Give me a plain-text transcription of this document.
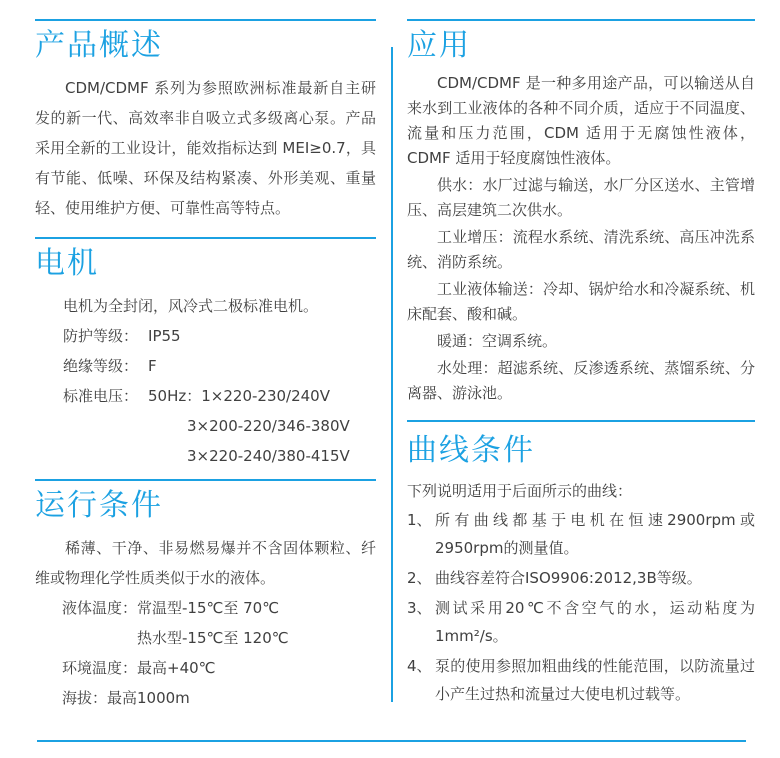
产品概述

CDM/CDMF 系列为参照欧洲标准最新自主研发的新一代、高效率非自吸立式多级离心泵。产品采用全新的工业设计，能效指标达到 MEI≥0.7，具有节能、低噪、环保及结构紧凑、外形美观、重量轻、使用维护方便、可靠性高等特点。

电机
电机为全封闭，风冷式二极标准电机。
防护等级： IP55
绝缘等级： F
标准电压： 50Hz：1×220-230/240V
3×200-220/346-380V
3×220-240/380-415V
运行条件

稀薄、干净、非易燃易爆并不含固体颗粒、纤维或物理化学性质类似于水的液体。

液体温度：常温型-15℃至 70℃
热水型-15℃至 120℃
环境温度：最高+40℃
海拔：最高1000m
应用

CDM/CDMF 是一种多用途产品，可以输送从自来水到工业液体的各种不同介质，适应于不同温度、流量和压力范围，CDM 适用于无腐蚀性液体，CDMF 适用于轻度腐蚀性液体。

供水：水厂过滤与输送，水厂分区送水、主管增压、高层建筑二次供水。

工业增压：流程水系统、清洗系统、高压冲洗系统、消防系统。

工业液体输送：冷却、锅炉给水和冷凝系统、机床配套、酸和碱。

暖通：空调系统。

水处理：超滤系统、反渗透系统、蒸馏系统、分离器、游泳池。

曲线条件
下列说明适用于后面所示的曲线：
1、 所有曲线都基于电机在恒速2900rpm或2950rpm的测量值。
2、 曲线容差符合ISO9906:2012,3B等级。
3、 测试采用20℃不含空气的水，运动粘度为1mm²/s。
4、 泵的使用参照加粗曲线的性能范围，以防流量过小产生过热和流量过大使电机过载等。
